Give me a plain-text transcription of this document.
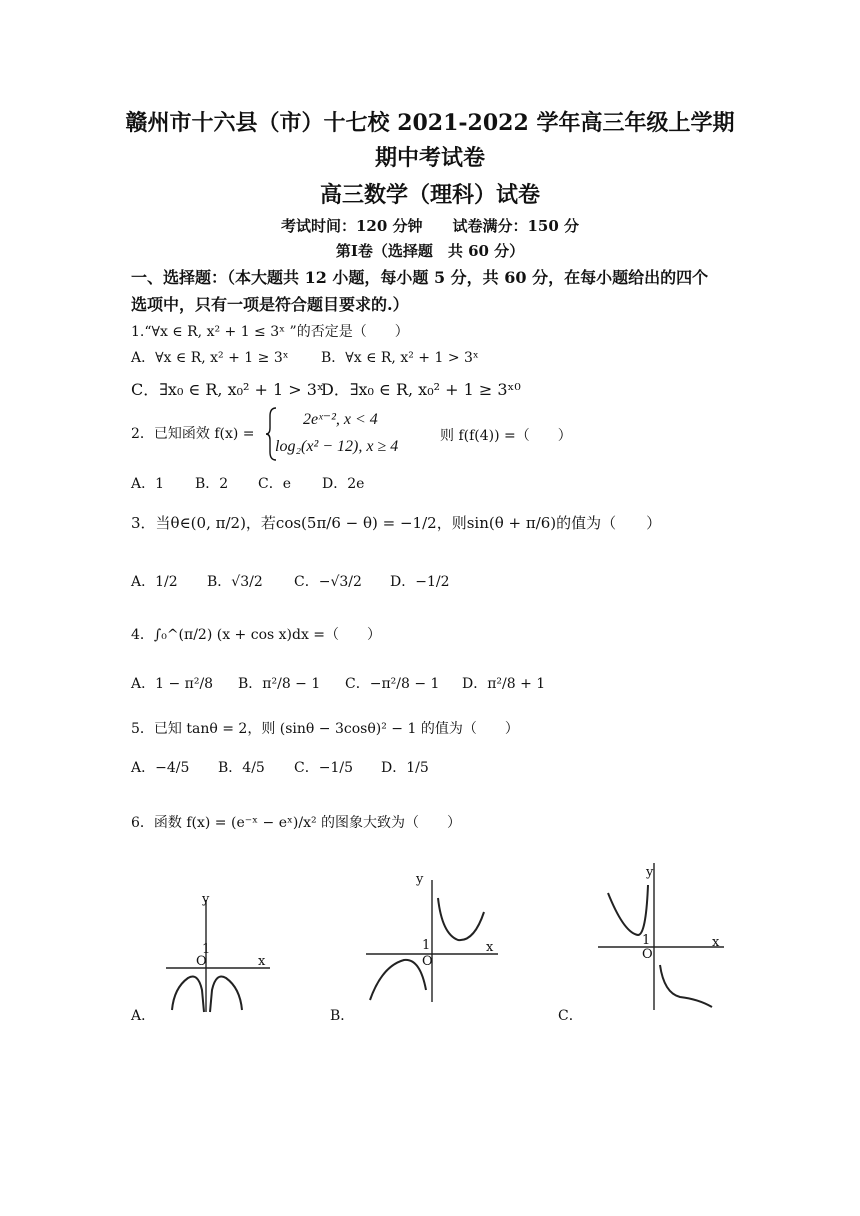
赣州市十六县（市）十七校 2021-2022 学年高三年级上学期
期中考试卷
高三数学（理科）试卷
考试时间：120 分钟　　试卷满分：150 分
第Ⅰ卷（选择题　共 60 分）
一、选择题：（本大题共 12 小题，每小题 5 分，共 60 分，在每小题给出的四个
选项中，只有一项是符合题目要求的.）
1.“∀x ∈ R, x² + 1 ≤ 3ˣ ”的否定是（　　）
A．∀x ∈ R, x² + 1 ≥ 3ˣ B．∀x ∈ R, x² + 1 > 3ˣ
C．∃x₀ ∈ R, x₀² + 1 > 3ˣ
D．∃x₀ ∈ R, x₀² + 1 ≥ 3ˣ⁰
2．已知函效 f(x) =
2eˣ⁻², x < 4
log₂(x² − 12), x ≥ 4
则 f(f(4)) =（　　）
A．1 B．2 C．e D．2e
3．当θ∈(0, π/2)，若cos(5π/6 − θ) = −1/2，则sin(θ + π/6)的值为（　　）
A．1/2 B．√3/2 C．−√3/2 D．−1/2
4．∫₀^(π/2) (x + cos x)dx =（　　）
A．1 − π²/8 B．π²/8 − 1 C．−π²/8 − 1 D．π²/8 + 1
5．已知 tanθ = 2，则 (sinθ − 3cosθ)² − 1 的值为（　　）
A．−4/5 B．4/5 C．−1/5 D．1/5
6．函数 f(x) = (e⁻ˣ − eˣ)/x² 的图象大致为（　　）
y
x
O
1
A．
y
x
O
1
B．
y
x
O
1
C．
